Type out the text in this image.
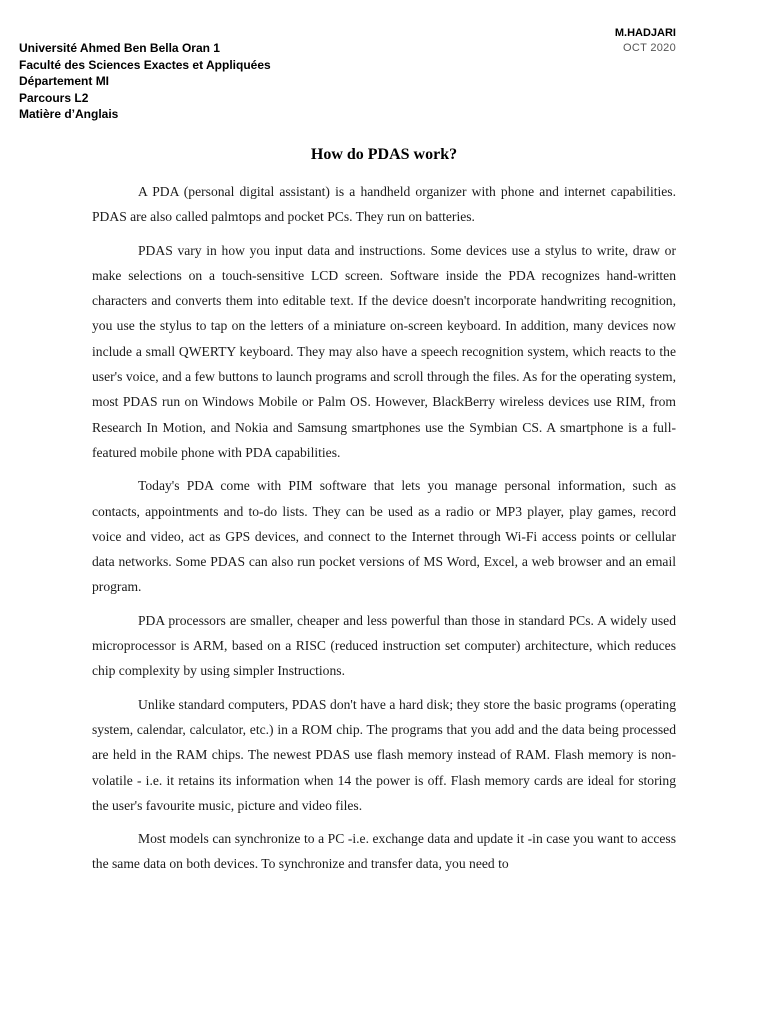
Université Ahmed Ben Bella Oran 1
Faculté des Sciences Exactes et Appliquées
Département MI
Parcours L2
Matière d’Anglais
M.HADJARI
OCT 2020
How do PDAS work?

A PDA (personal digital assistant) is a handheld organizer with phone and internet capabilities. PDAS are also called palmtops and pocket PCs. They run on batteries.

PDAS vary in how you input data and instructions. Some devices use a stylus to write, draw or make selections on a touch-sensitive LCD screen. Software inside the PDA recognizes hand-written characters and converts them into editable text. If the device doesn't incorporate handwriting recognition, you use the stylus to tap on the letters of a miniature on-screen keyboard. In addition, many devices now include a small QWERTY keyboard. They may also have a speech recognition system, which reacts to the user's voice, and a few buttons to launch programs and scroll through the files. As for the operating system, most PDAS run on Windows Mobile or Palm OS. However, BlackBerry wireless devices use RIM, from Research In Motion, and Nokia and Samsung smartphones use the Symbian CS. A smartphone is a full- featured mobile phone with PDA capabilities.

Today's PDA come with PIM software that lets you manage personal information, such as contacts, appointments and to-do lists. They can be used as a radio or MP3 player, play games, record voice and video, act as GPS devices, and connect to the Internet through Wi-Fi access points or cellular data networks. Some PDAS can also run pocket versions of MS Word, Excel, a web browser and an email program.

PDA processors are smaller, cheaper and less powerful than those in standard PCs. A widely used microprocessor is ARM, based on a RISC (reduced instruction set computer) architecture, which reduces chip complexity by using simpler Instructions.

Unlike standard computers, PDAS don't have a hard disk; they store the basic programs (operating system, calendar, calculator, etc.) in a ROM chip. The programs that you add and the data being processed are held in the RAM chips. The newest PDAS use flash memory instead of RAM. Flash memory is non-volatile - i.e. it retains its information when 14 the power is off. Flash memory cards are ideal for storing the user's favourite music, picture and video files.

Most models can synchronize to a PC -i.e. exchange data and update it -in case you want to access the same data on both devices. To synchronize and transfer data, you need to
